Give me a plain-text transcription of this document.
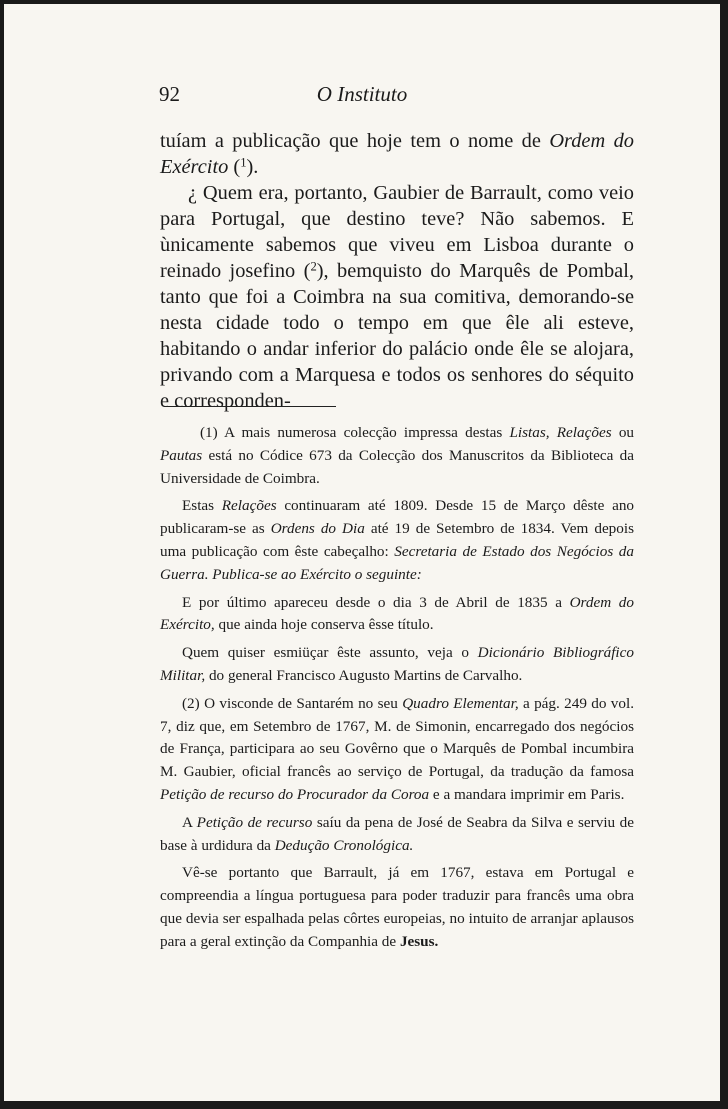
92	O Instituto

tuíam a publicação que hoje tem o nome de Ordem do Exército ($^1$).

¿ Quem era, portanto, Gaubier de Barrault, como veio para Portugal, que destino teve? Não sabemos. E ùnicamente sabemos que viveu em Lisboa durante o reinado josefino ($^2$), bemquisto do Marquês de Pombal, tanto que foi a Coimbra na sua comitiva, demorando-se nesta cidade todo o tempo em que êle ali esteve, habitando o andar inferior do palácio onde êle se alojara, privando com a Marquesa e todos os senhores do séquito e corresponden-

(1) A mais numerosa colecção impressa destas Listas, Relações ou Pautas está no Códice 673 da Colecção dos Manuscritos da Biblioteca da Universidade de Coimbra.

Estas Relações continuaram até 1809. Desde 15 de Março dêste ano publicaram-se as Ordens do Dia até 19 de Setembro de 1834. Vem depois uma publicação com êste cabeçalho: Secretaria de Estado dos Negócios da Guerra. Publica-se ao Exército o seguinte:

E por último apareceu desde o dia 3 de Abril de 1835 a Ordem do Exército, que ainda hoje conserva êsse título.

Quem quiser esmiüçar êste assunto, veja o Dicionário Bibliográfico Militar, do general Francisco Augusto Martins de Carvalho.

(2) O visconde de Santarém no seu Quadro Elementar, a pág. 249 do vol. 7, diz que, em Setembro de 1767, M. de Simonin, encarregado dos negócios de França, participara ao seu Govêrno que o Marquês de Pombal incumbira M. Gaubier, oficial francês ao serviço de Portugal, da tradução da famosa Petição de recurso do Procurador da Coroa e a mandara imprimir em Paris.

A Petição de recurso saíu da pena de José de Seabra da Silva e serviu de base à urdidura da Dedução Cronológica.

Vê-se portanto que Barrault, já em 1767, estava em Portugal e compreendia a língua portuguesa para poder traduzir para francês uma obra que devia ser espalhada pelas côrtes europeias, no intuito de arranjar aplausos para a geral extinção da Companhia de Jesus.
